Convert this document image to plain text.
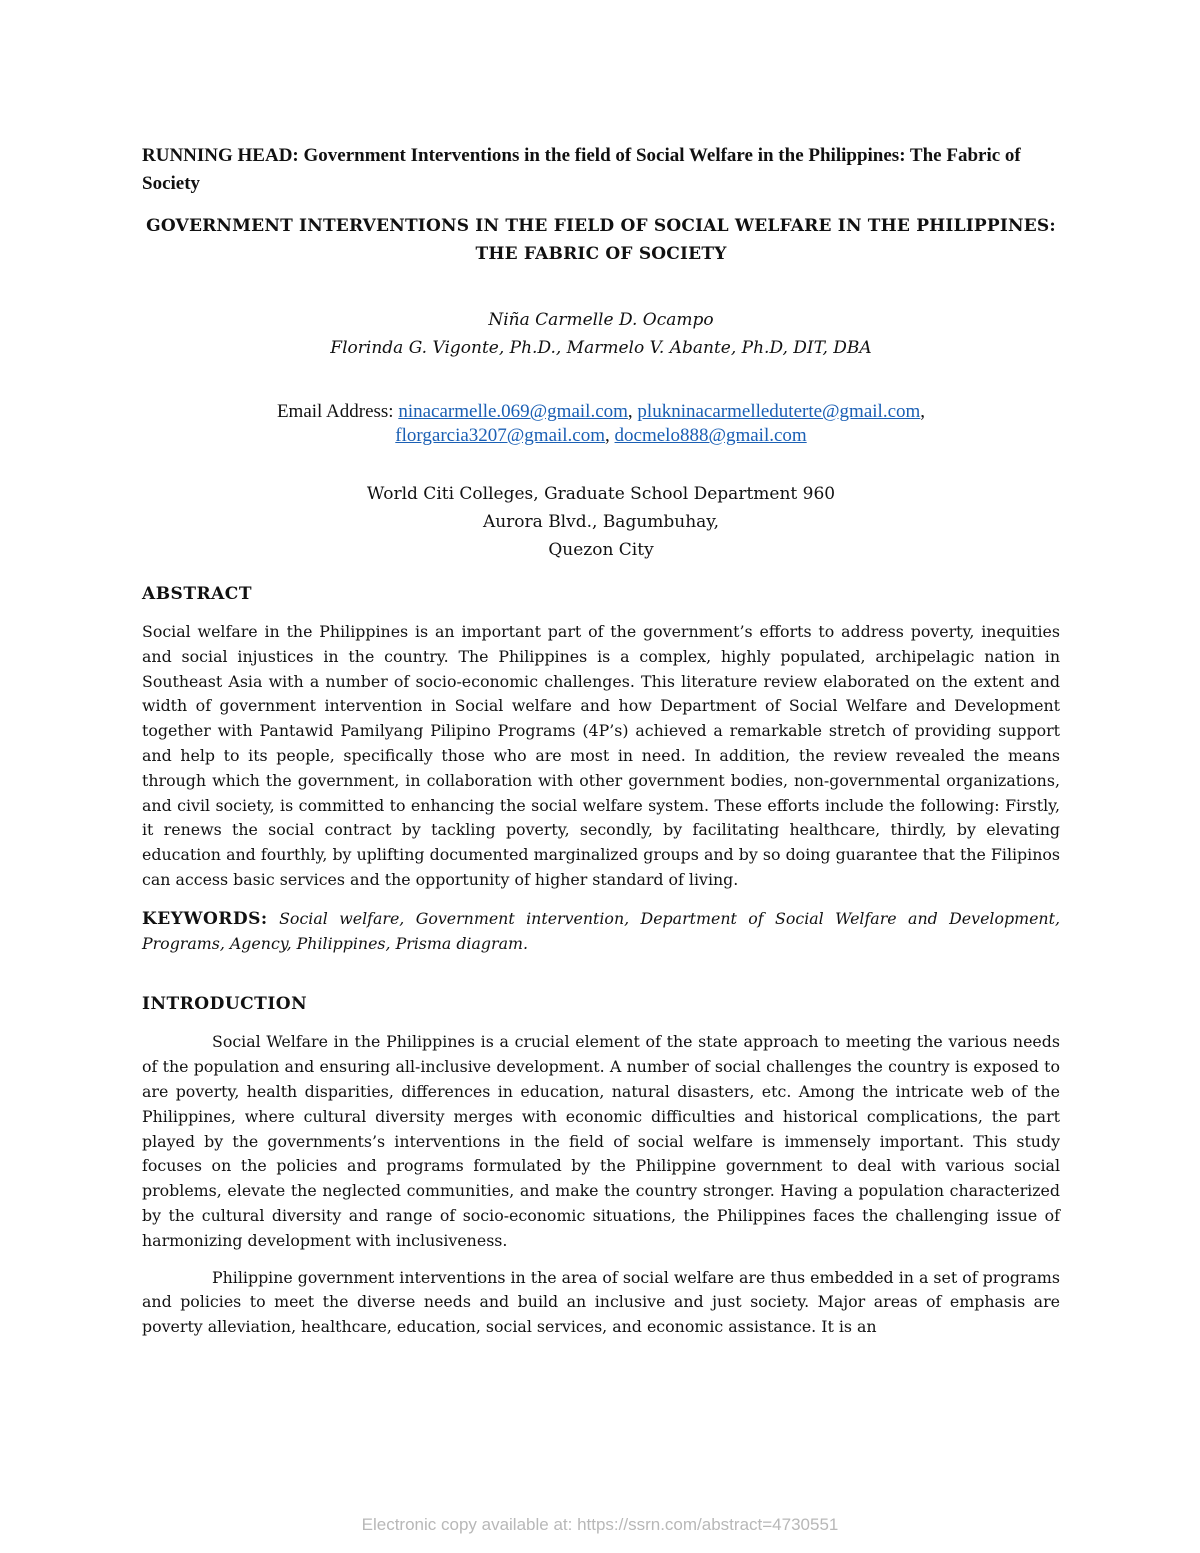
RUNNING HEAD: Government Interventions in the field of Social Welfare in the Philippines: The Fabric of Society

GOVERNMENT INTERVENTIONS IN THE FIELD OF SOCIAL WELFARE IN THE PHILIPPINES: THE FABRIC OF SOCIETY

Niña Carmelle D. Ocampo
Florinda G. Vigonte, Ph.D., Marmelo V. Abante, Ph.D, DIT, DBA
Email Address: ninacarmelle.069@gmail.com, plukninacarmelleduterte@gmail.com,
florgarcia3207@gmail.com, docmelo888@gmail.com
World Citi Colleges, Graduate School Department 960
Aurora Blvd., Bagumbuhay,
Quezon City
ABSTRACT

Social welfare in the Philippines is an important part of the government’s efforts to address poverty, inequities and social injustices in the country. The Philippines is a complex, highly populated, archipelagic nation in Southeast Asia with a number of socio-economic challenges. This literature review elaborated on the extent and width of government intervention in Social welfare and how Department of Social Welfare and Development together with Pantawid Pamilyang Pilipino Programs (4P’s) achieved a remarkable stretch of providing support and help to its people, specifically those who are most in need. In addition, the review revealed the means through which the government, in collaboration with other government bodies, non-governmental organizations, and civil society, is committed to enhancing the social welfare system. These efforts include the following: Firstly, it renews the social contract by tackling poverty, secondly, by facilitating healthcare, thirdly, by elevating education and fourthly, by uplifting documented marginalized groups and by so doing guarantee that the Filipinos can access basic services and the opportunity of higher standard of living.

KEYWORDS: Social welfare, Government intervention, Department of Social Welfare and Development, Programs, Agency, Philippines, Prisma diagram.

INTRODUCTION

Social Welfare in the Philippines is a crucial element of the state approach to meeting the various needs of the population and ensuring all-inclusive development. A number of social challenges the country is exposed to are poverty, health disparities, differences in education, natural disasters, etc. Among the intricate web of the Philippines, where cultural diversity merges with economic difficulties and historical complications, the part played by the governments’s interventions in the field of social welfare is immensely important. This study focuses on the policies and programs formulated by the Philippine government to deal with various social problems, elevate the neglected communities, and make the country stronger. Having a population characterized by the cultural diversity and range of socio-economic situations, the Philippines faces the challenging issue of harmonizing development with inclusiveness.

Philippine government interventions in the area of social welfare are thus embedded in a set of programs and policies to meet the diverse needs and build an inclusive and just society. Major areas of emphasis are poverty alleviation, healthcare, education, social services, and economic assistance. It is an

Electronic copy available at: https://ssrn.com/abstract=4730551
